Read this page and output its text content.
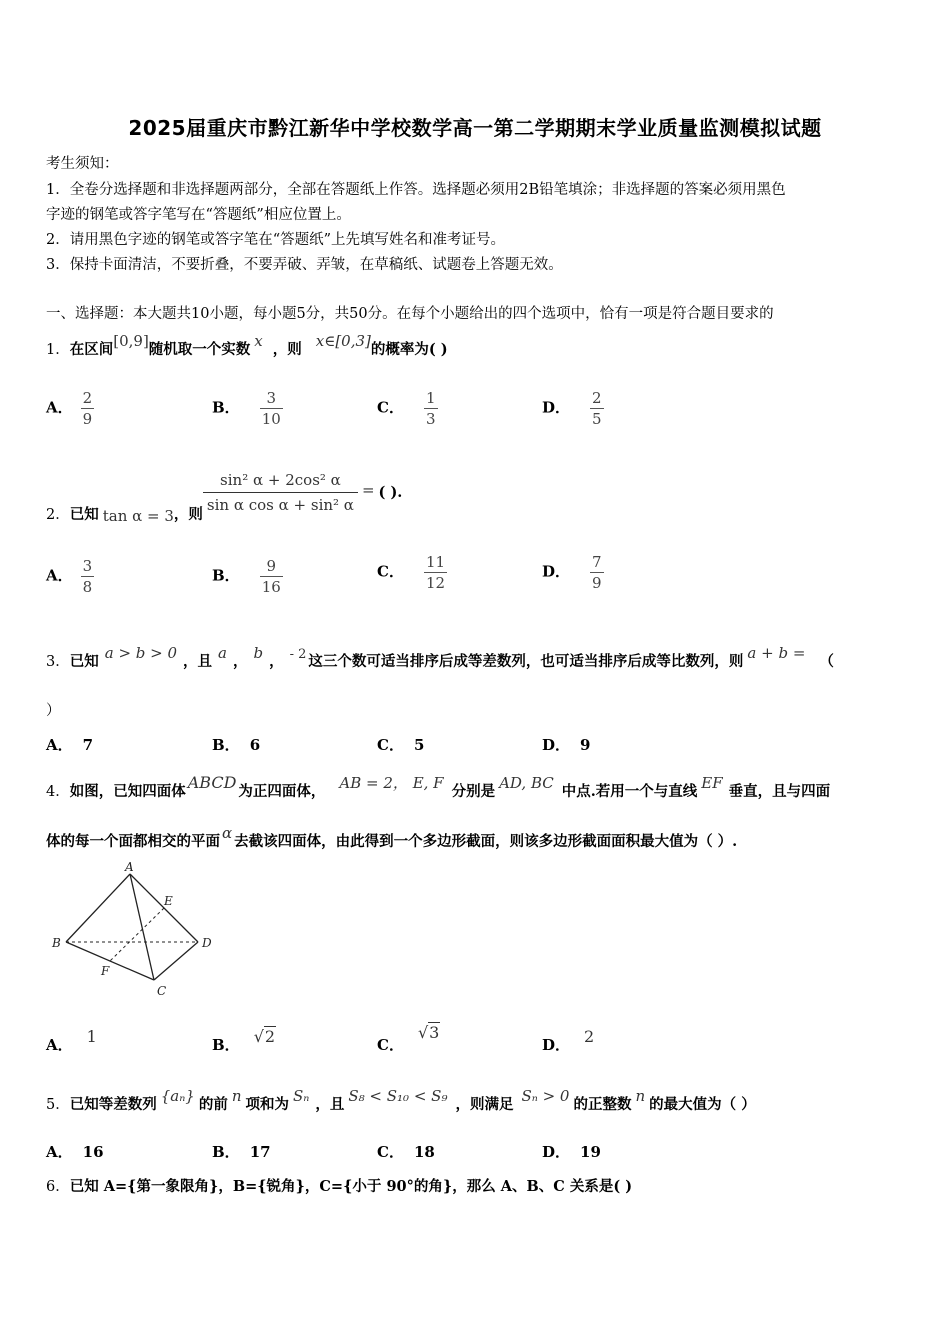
2025届重庆市黔江新华中学校数学高一第二学期期末学业质量监测模拟试题
考生须知：
1．全卷分选择题和非选择题两部分，全部在答题纸上作答。选择题必须用2B铅笔填涂；非选择题的答案必须用黑色
字迹的钢笔或答字笔写在“答题纸”相应位置上。
2．请用黑色字迹的钢笔或答字笔在“答题纸”上先填写姓名和准考证号。
3．保持卡面清洁，不要折叠，不要弄破、弄皱，在草稿纸、试题卷上答题无效。
一、选择题：本大题共10小题，每小题5分，共50分。在每个小题给出的四个选项中，恰有一项是符合题目要求的
1．在区间[0,9]随机取一个实数 x ，则 x∈[0,3]的概率为( )
A． $\frac{2}{9}$	B． $\frac{3}{10}$	C． $\frac{1}{3}$	D． $\frac{2}{5}$
2．已知 tan α = 3，则 $\frac{\text{sin² α + 2cos² α}}{\text{sin α cos α + sin² α}}$ = ( ).
A． $\frac{3}{8}$	B． $\frac{9}{16}$	C． $\frac{11}{12}$	D． $\frac{7}{9}$
3．已知 a > b > 0 ，且 a ， b ， - 2 这三个数可适当排序后成等差数列，也可适当排序后成等比数列，则 a + b = （
）
A． 7	B． 6	C． 5	D． 9
4．如图，已知四面体 ABCD 为正四面体， AB = 2， E, F 分别是 AD, BC 中点.若用一个与直线 EF 垂直，且与四面
体的每一个面都相交的平面 α 去截该四面体，由此得到一个多边形截面，则该多边形截面面积最大值为（ ）.
A
B
C
D
E
F
A． 1	B． √2	C．√3
D． 2
5．已知等差数列 {aₙ} 的前 n 项和为 Sₙ ，且 S₈ < S₁₀ < S₉ ，则满足 Sₙ > 0 的正整数 n 的最大值为（ ）
A． 16	B． 17	C． 18	D． 19
6．已知 A={第一象限角}，B={锐角}，C={小于 90°的角}，那么 A、B、C 关系是( )
